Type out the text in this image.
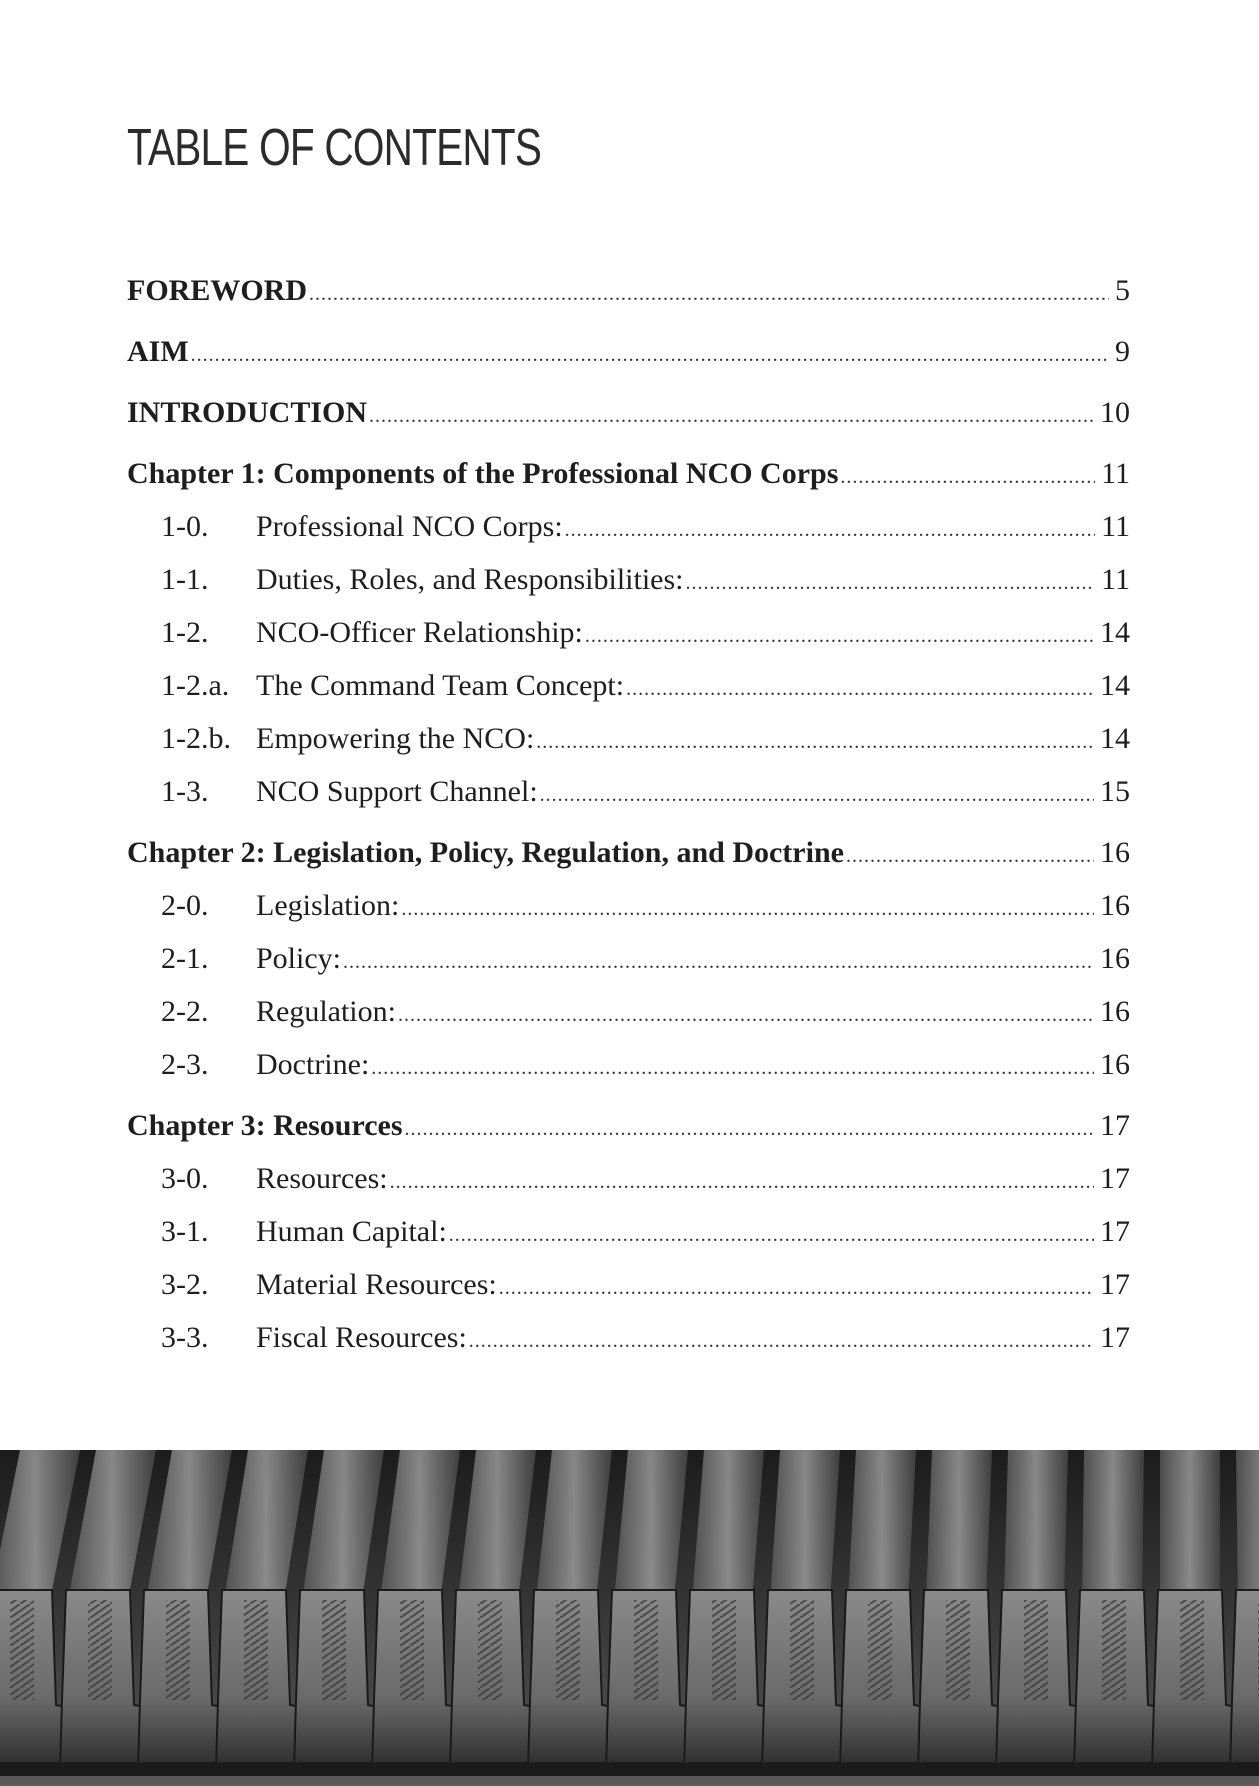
TABLE OF CONTENTS
FOREWORD .....	5
AIM .....	9
INTRODUCTION .....	10
Chapter 1: Components of the Professional NCO Corps .....	11
1-0.	Professional NCO Corps: .....	11
1-1.	Duties, Roles, and Responsibilities: .....	11
1-2.	NCO-Officer Relationship: .....	14
1-2.a. The Command Team Concept: .....	14
1-2.b. Empowering the NCO: .....	14
1-3.	NCO Support Channel: .....	15
Chapter 2: Legislation, Policy, Regulation, and Doctrine .....	16
2-0.	Legislation: .....	16
2-1.	Policy: .....	16
2-2.	Regulation: .....	16
2-3.	Doctrine: .....	16
Chapter 3: Resources .....	17
3-0.	Resources: .....	17
3-1.	Human Capital: .....	17
3-2.	Material Resources: .....	17
3-3.	Fiscal Resources: .....	17
